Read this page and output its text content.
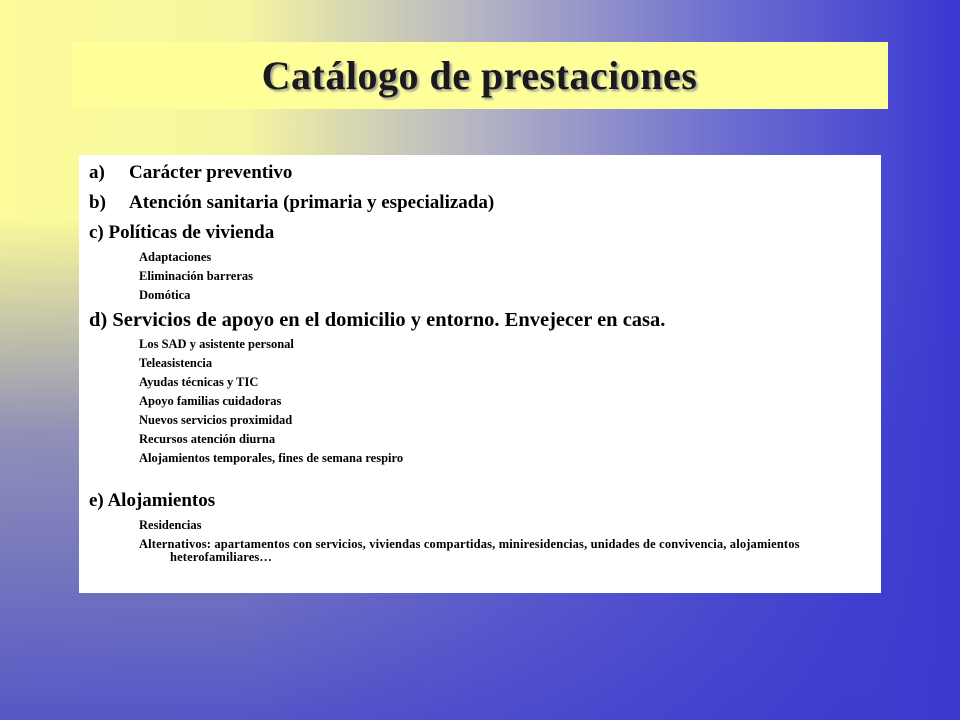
Catálogo de prestaciones
a) Carácter preventivo
b) Atención sanitaria (primaria y especializada)
c) Políticas de vivienda
Adaptaciones
Eliminación barreras
Domótica
d) Servicios de apoyo en el domicilio y entorno. Envejecer en casa.
Los SAD y asistente personal
Teleasistencia
Ayudas técnicas y TIC
Apoyo familias cuidadoras
Nuevos servicios proximidad
Recursos atención diurna
Alojamientos temporales, fines de semana respiro
e) Alojamientos
Residencias
Alternativos: apartamentos con servicios, viviendas compartidas, miniresidencias, unidades de convivencia, alojamientos heterofamiliares…
